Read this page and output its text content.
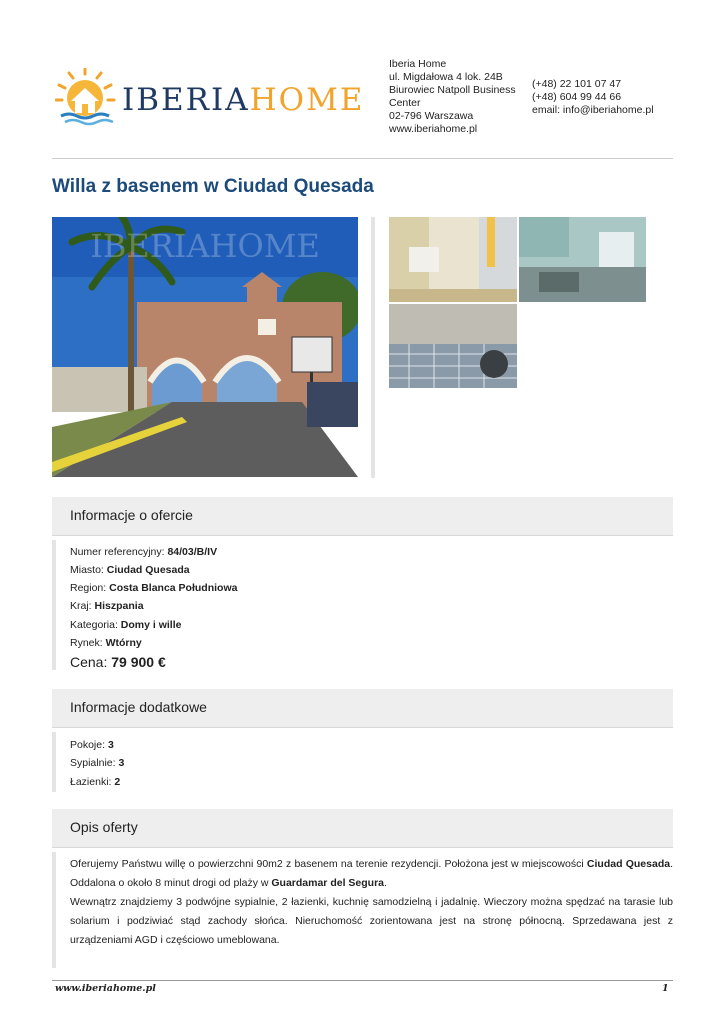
IBERIAHOME
Iberia Home
ul. Migdałowa 4 lok. 24B
Biurowiec Natpoll Business Center
02-796 Warszawa
www.iberiahome.pl
(+48) 22 101 07 47
(+48) 604 99 44 66
email: info@iberiahome.pl
Willa z basenem w Ciudad Quesada
IBERIAHOME
Informacje o ofercie
Numer referencyjny: 84/03/B/IV
Miasto: Ciudad Quesada
Region: Costa Blanca Południowa
Kraj: Hiszpania
Kategoria: Domy i wille
Rynek: Wtórny
Cena: 79 900 €
Informacje dodatkowe
Pokoje: 3
Sypialnie: 3
Łazienki: 2
Opis oferty
Oferujemy Państwu willę o powierzchni 90m2 z basenem na terenie rezydencji. Położona jest w miejscowości Ciudad Quesada. Oddalona o około 8 minut drogi od plaży w Guardamar del Segura.
Wewnątrz znajdziemy 3 podwójne sypialnie, 2 łazienki, kuchnię samodzielną i jadalnię. Wieczory można spędzać na tarasie lub solarium i podziwiać stąd zachody słońca. Nieruchomość zorientowana jest na stronę północną. Sprzedawana jest z urządzeniami AGD i częściowo umeblowana.
www.iberiahome.pl	1
